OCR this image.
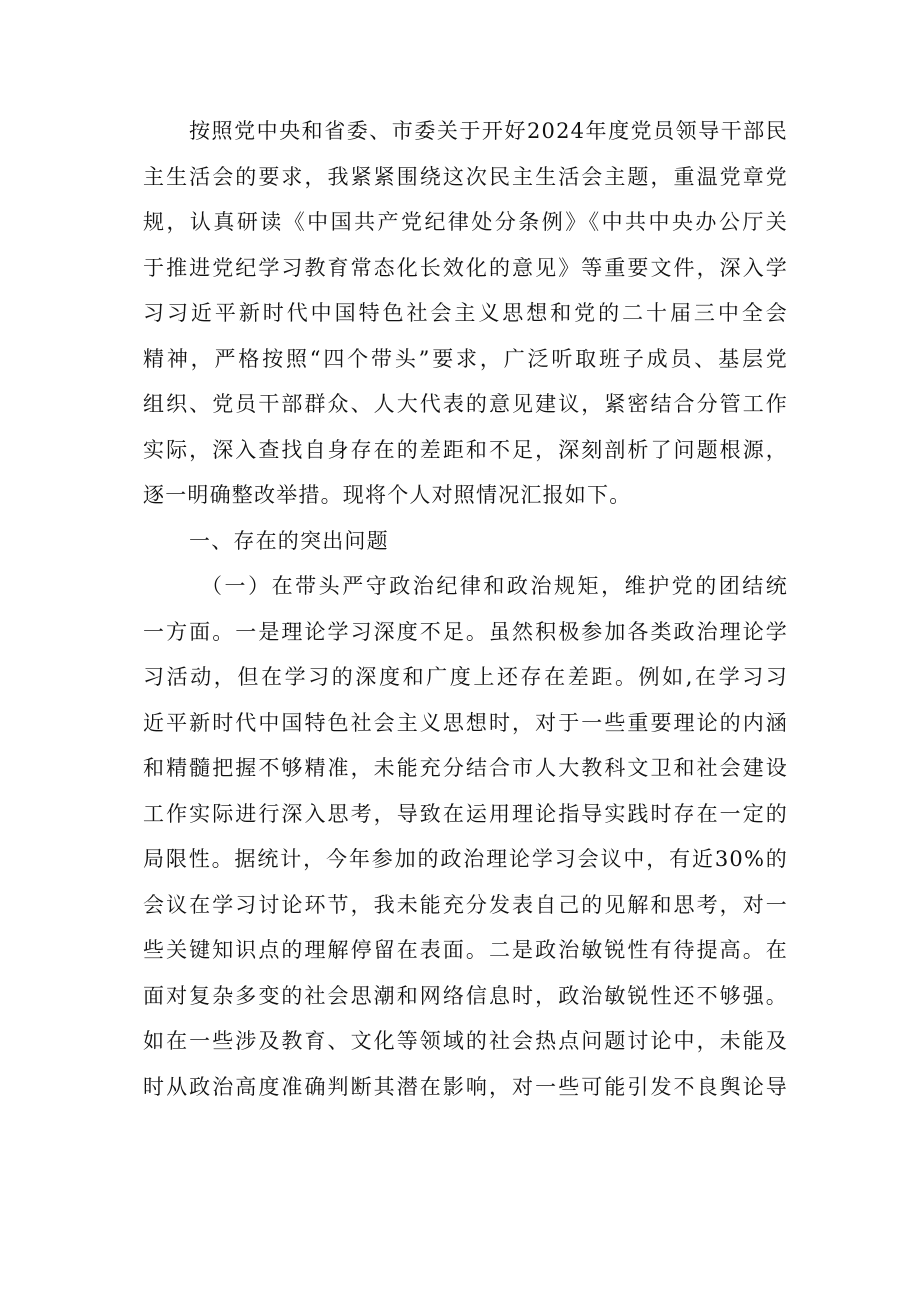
按照党中央和省委、市委关于开好2024年度党员领导干部民
主生活会的要求，我紧紧围绕这次民主生活会主题，重温党章党
规，认真研读《中国共产党纪律处分条例》《中共中央办公厅关
于推进党纪学习教育常态化长效化的意见》等重要文件，深入学
习习近平新时代中国特色社会主义思想和党的二十届三中全会
精神，严格按照“四个带头”要求，广泛听取班子成员、基层党
组织、党员干部群众、人大代表的意见建议，紧密结合分管工作
实际，深入查找自身存在的差距和不足，深刻剖析了问题根源，
逐一明确整改举措。现将个人对照情况汇报如下。
一、存在的突出问题
（一）在带头严守政治纪律和政治规矩，维护党的团结统
一方面。一是理论学习深度不足。虽然积极参加各类政治理论学
习活动，但在学习的深度和广度上还存在差距。例如,在学习习
近平新时代中国特色社会主义思想时，对于一些重要理论的内涵
和精髓把握不够精准，未能充分结合市人大教科文卫和社会建设
工作实际进行深入思考，导致在运用理论指导实践时存在一定的
局限性。据统计，今年参加的政治理论学习会议中，有近30%的
会议在学习讨论环节，我未能充分发表自己的见解和思考，对一
些关键知识点的理解停留在表面。二是政治敏锐性有待提高。在
面对复杂多变的社会思潮和网络信息时，政治敏锐性还不够强。
如在一些涉及教育、文化等领域的社会热点问题讨论中，未能及
时从政治高度准确判断其潜在影响，对一些可能引发不良舆论导
